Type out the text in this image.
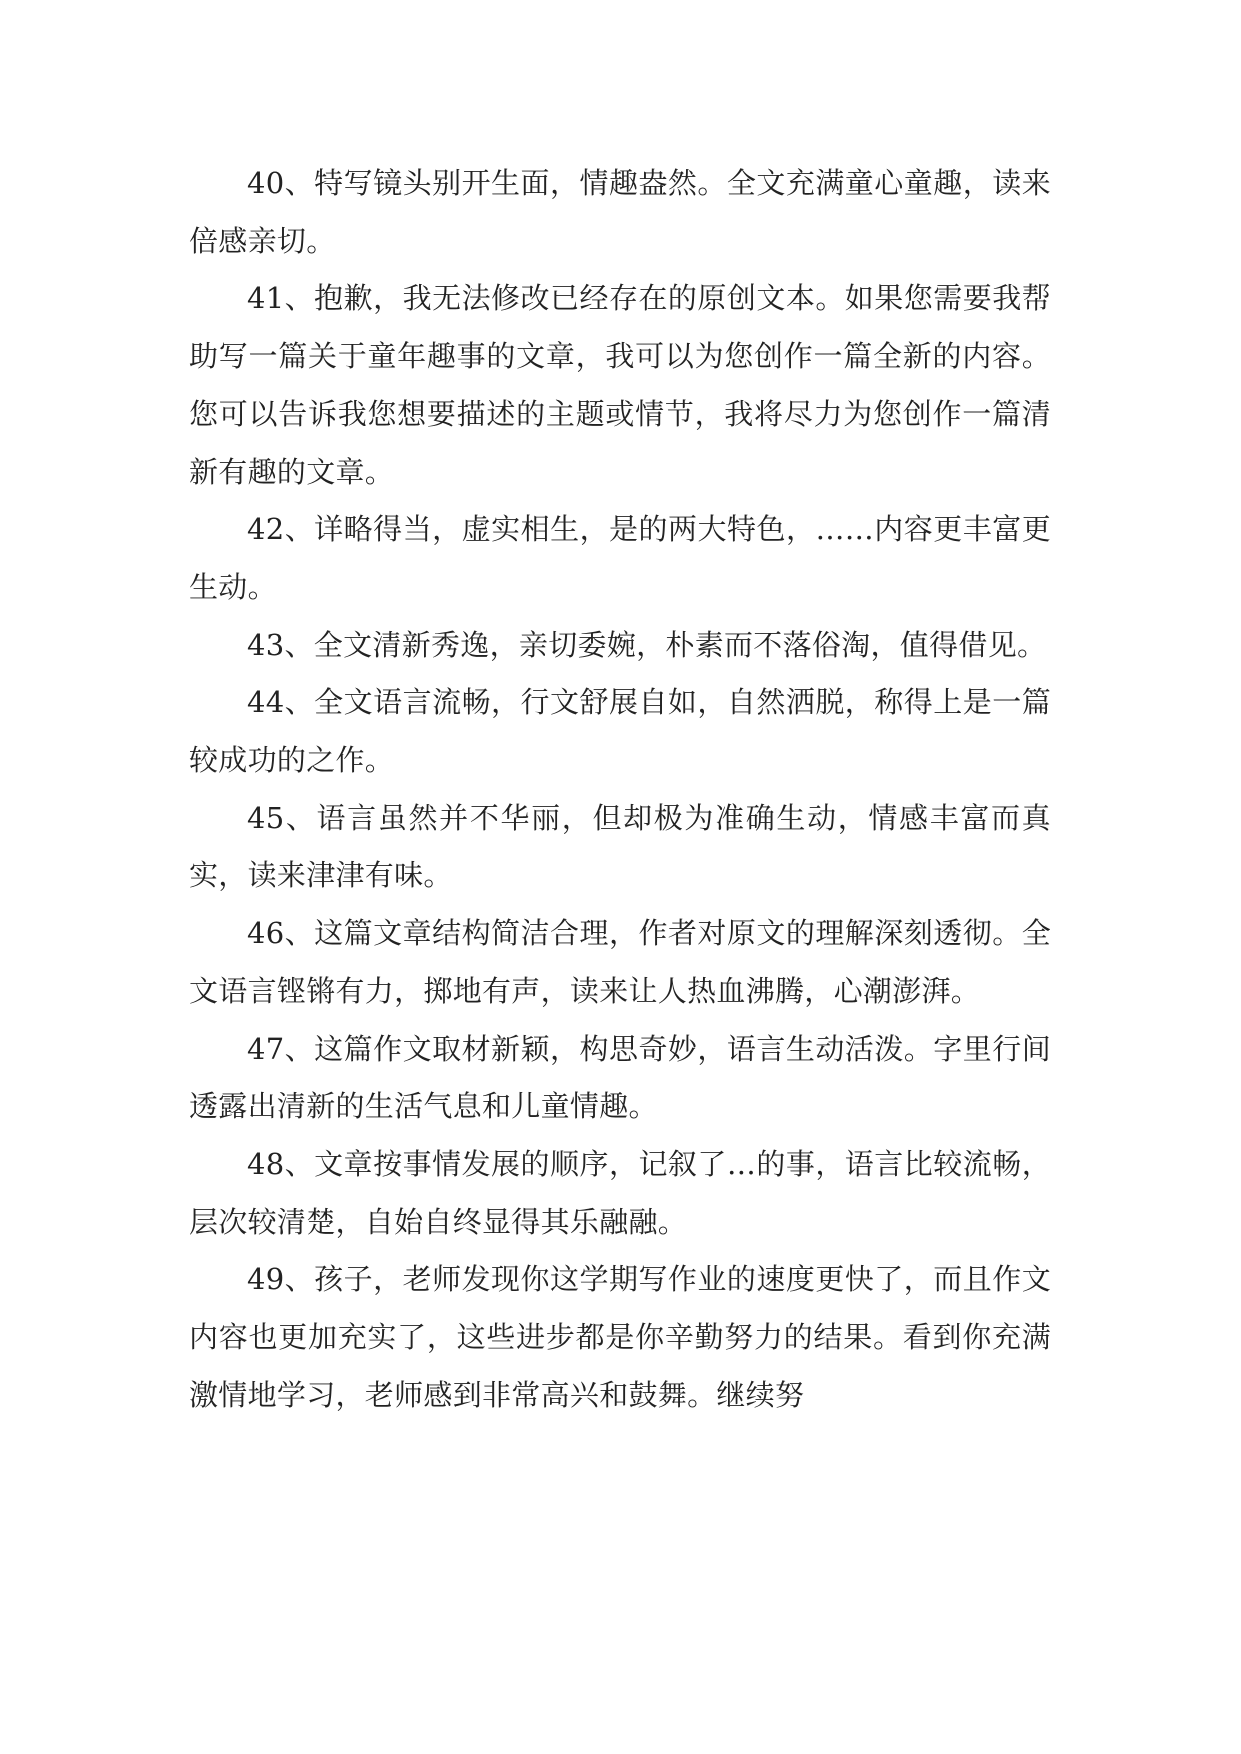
40、特写镜头别开生面，情趣盎然。全文充满童心童趣，读来倍感亲切。

41、抱歉，我无法修改已经存在的原创文本。如果您需要我帮助写一篇关于童年趣事的文章，我可以为您创作一篇全新的内容。您可以告诉我您想要描述的主题或情节，我将尽力为您创作一篇清新有趣的文章。

42、详略得当，虚实相生，是的两大特色，……内容更丰富更生动。

43、全文清新秀逸，亲切委婉，朴素而不落俗淘，值得借见。

44、全文语言流畅，行文舒展自如，自然洒脱，称得上是一篇较成功的之作。

45、语言虽然并不华丽，但却极为准确生动，情感丰富而真实，读来津津有味。

46、这篇文章结构简洁合理，作者对原文的理解深刻透彻。全文语言铿锵有力，掷地有声，读来让人热血沸腾，心潮澎湃。

47、这篇作文取材新颖，构思奇妙，语言生动活泼。字里行间透露出清新的生活气息和儿童情趣。

48、文章按事情发展的顺序，记叙了…的事，语言比较流畅，层次较清楚，自始自终显得其乐融融。

49、孩子，老师发现你这学期写作业的速度更快了，而且作文内容也更加充实了，这些进步都是你辛勤努力的结果。看到你充满激情地学习，老师感到非常高兴和鼓舞。继续努
